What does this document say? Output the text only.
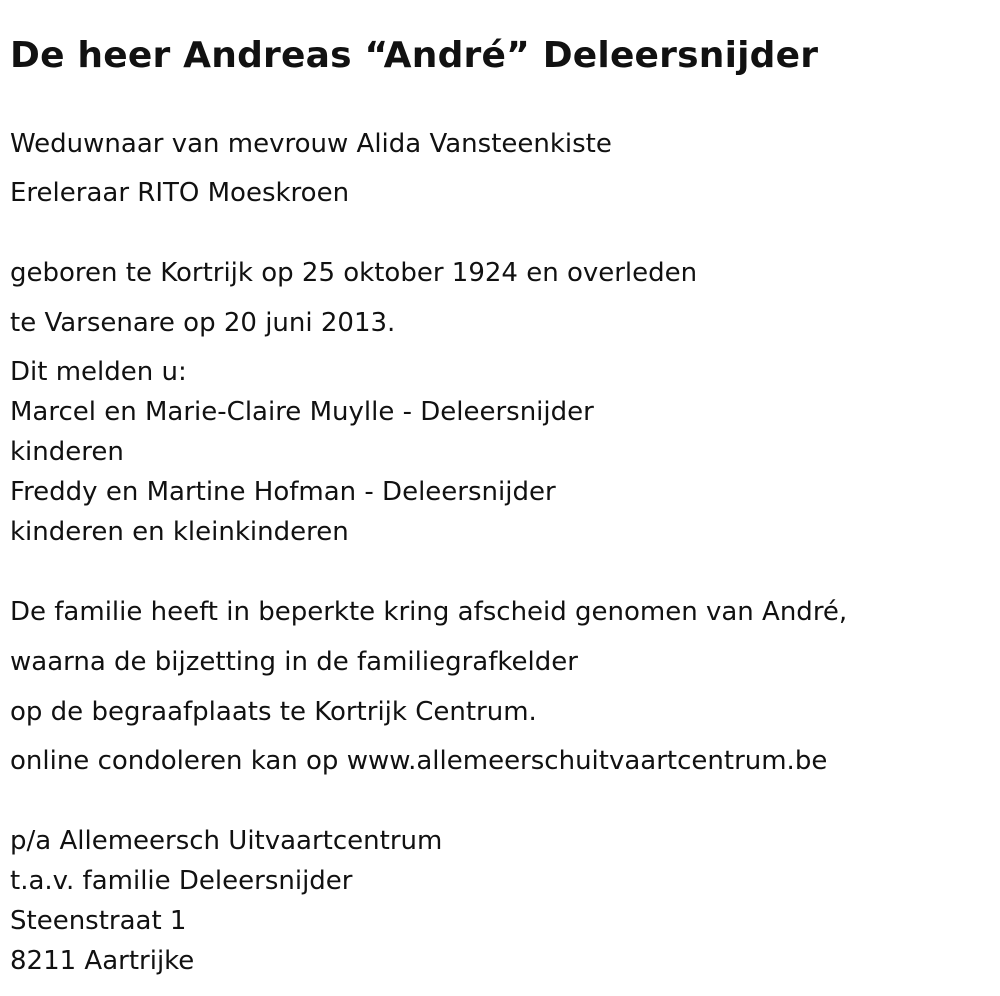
De heer Andreas “André” Deleersnijder

Weduwnaar van mevrouw Alida Vansteenkiste

Ereleraar RITO Moeskroen

geboren te Kortrijk op 25 oktober 1924 en overleden

te Varsenare op 20 juni 2013.

Dit melden u:

Marcel en Marie-Claire Muylle - Deleersnijder

kinderen

Freddy en Martine Hofman - Deleersnijder

kinderen en kleinkinderen

De familie heeft in beperkte kring afscheid genomen van André,

waarna de bijzetting in de familiegrafkelder

op de begraafplaats te Kortrijk Centrum.

online condoleren kan op www.allemeerschuitvaartcentrum.be

p/a Allemeersch Uitvaartcentrum

t.a.v. familie Deleersnijder

Steenstraat 1

8211 Aartrijke
